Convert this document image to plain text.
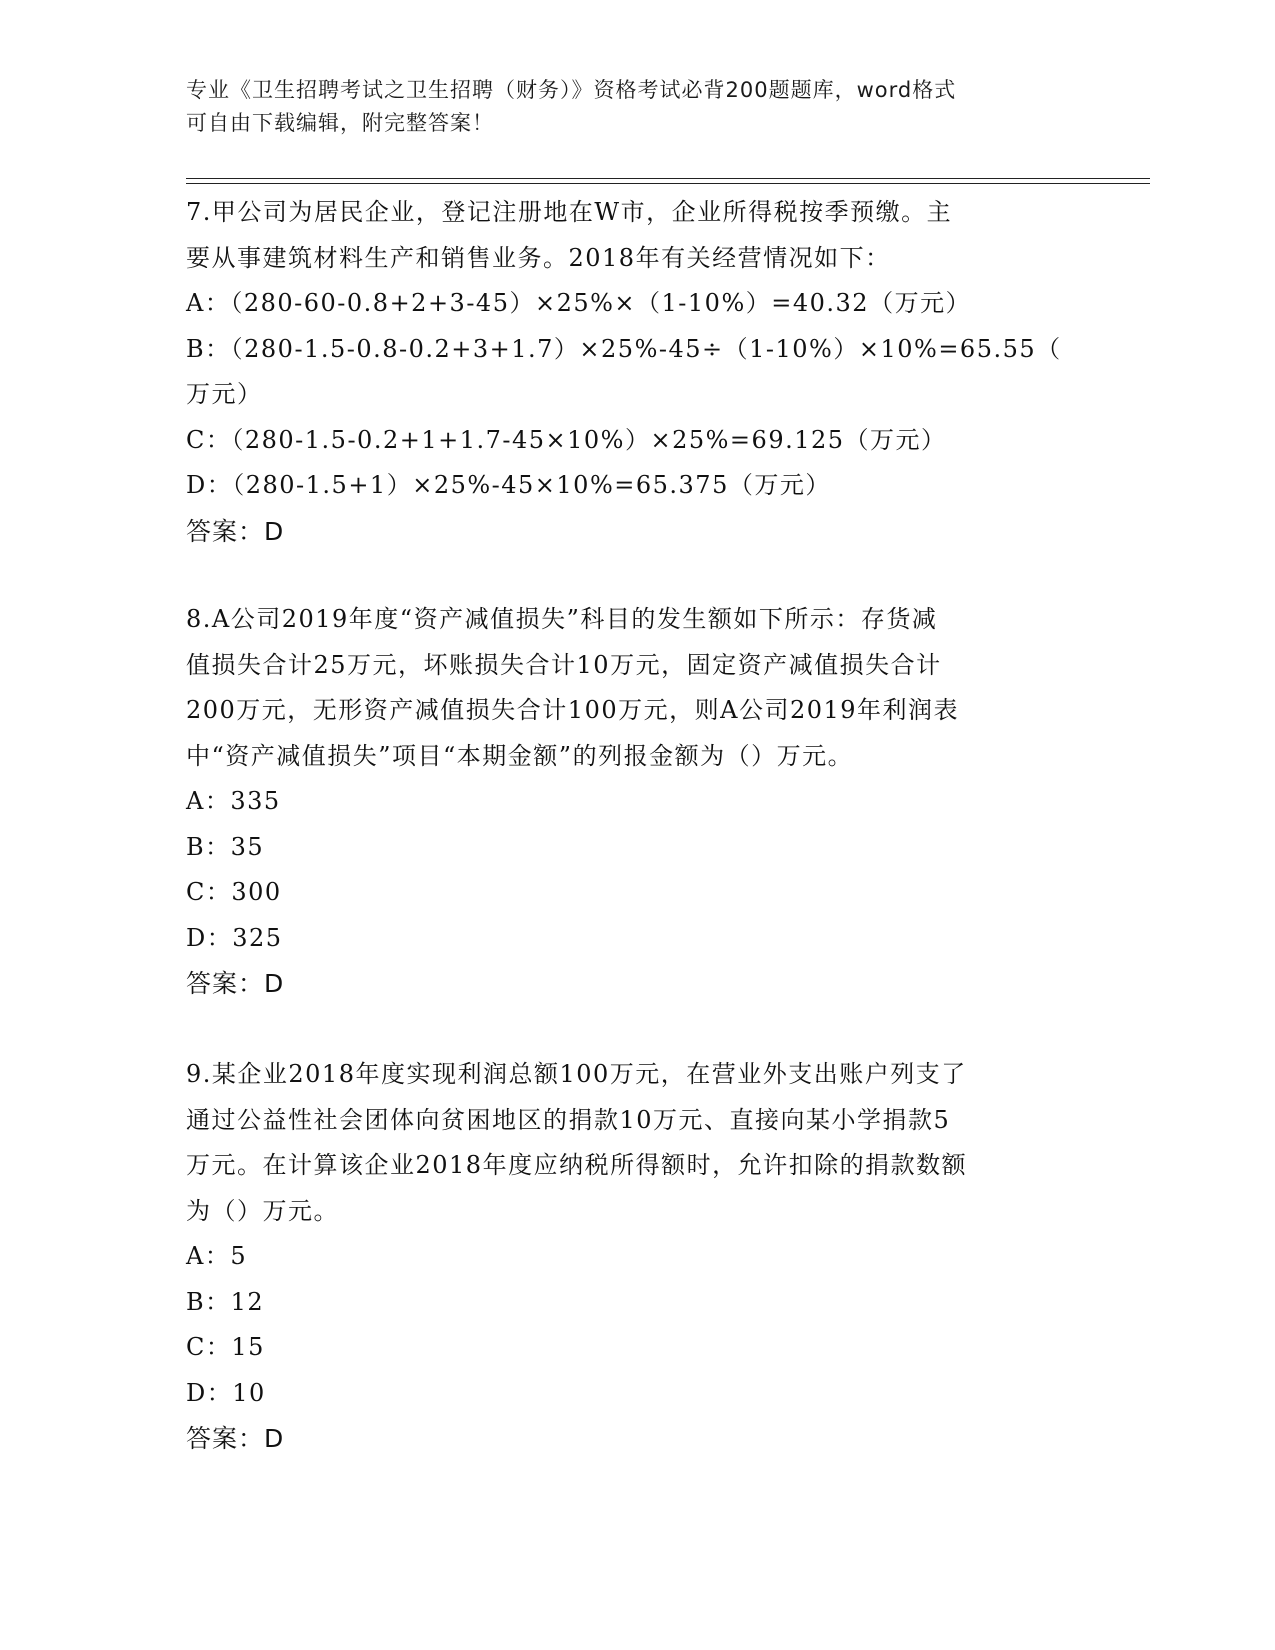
专业《卫生招聘考试之卫生招聘（财务）》资格考试必背200题题库，word格式

可自由下载编辑，附完整答案！

7.甲公司为居民企业，登记注册地在W市，企业所得税按季预缴。主

要从事建筑材料生产和销售业务。2018年有关经营情况如下：

A：（280-60-0.8+2+3-45）×25%×（1-10%）=40.32（万元）

B：（280-1.5-0.8-0.2+3+1.7）×25%-45÷（1-10%）×10%=65.55（

万元）

C：（280-1.5-0.2+1+1.7-45×10%）×25%=69.125（万元）

D：（280-1.5+1）×25%-45×10%=65.375（万元）

答案：D

8.A公司2019年度“资产减值损失”科目的发生额如下所示：存货减

值损失合计25万元，坏账损失合计10万元，固定资产减值损失合计

200万元，无形资产减值损失合计100万元，则A公司2019年利润表

中“资产减值损失”项目“本期金额”的列报金额为（）万元。

A：335

B：35

C：300

D：325

答案：D

9.某企业2018年度实现利润总额100万元，在营业外支出账户列支了

通过公益性社会团体向贫困地区的捐款10万元、直接向某小学捐款5

万元。在计算该企业2018年度应纳税所得额时，允许扣除的捐款数额

为（）万元。

A：5

B：12

C：15

D：10

答案：D
